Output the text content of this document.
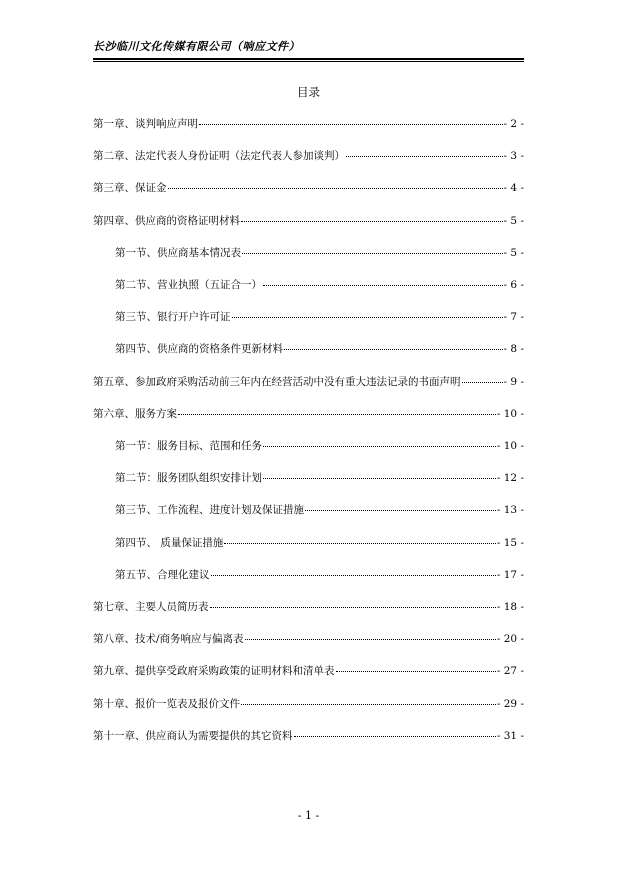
长沙临川文化传媒有限公司（响应文件）
目录
第一章、谈判响应声明	- 2 -
第二章、法定代表人身份证明（法定代表人参加谈判）	- 3 -
第三章、保证金	- 4 -
第四章、供应商的资格证明材料	- 5 -
第一节、供应商基本情况表	- 5 -
第二节、营业执照（五证合一）	- 6 -
第三节、银行开户许可证	- 7 -
第四节、供应商的资格条件更新材料	- 8 -
第五章、参加政府采购活动前三年内在经营活动中没有重大违法记录的书面声明	- 9 -
第六章、服务方案	- 10 -
第一节：服务目标、范围和任务	- 10 -
第二节：服务团队组织安排计划	- 12 -
第三节、工作流程、进度计划及保证措施	- 13 -
第四节、 质量保证措施	- 15 -
第五节、合理化建议	- 17 -
第七章、主要人员简历表	- 18 -
第八章、技术/商务响应与偏离表	- 20 -
第九章、提供享受政府采购政策的证明材料和清单表	- 27 -
第十章、报价一览表及报价文件	- 29 -
第十一章、供应商认为需要提供的其它资料	- 31 -
- 1 -
